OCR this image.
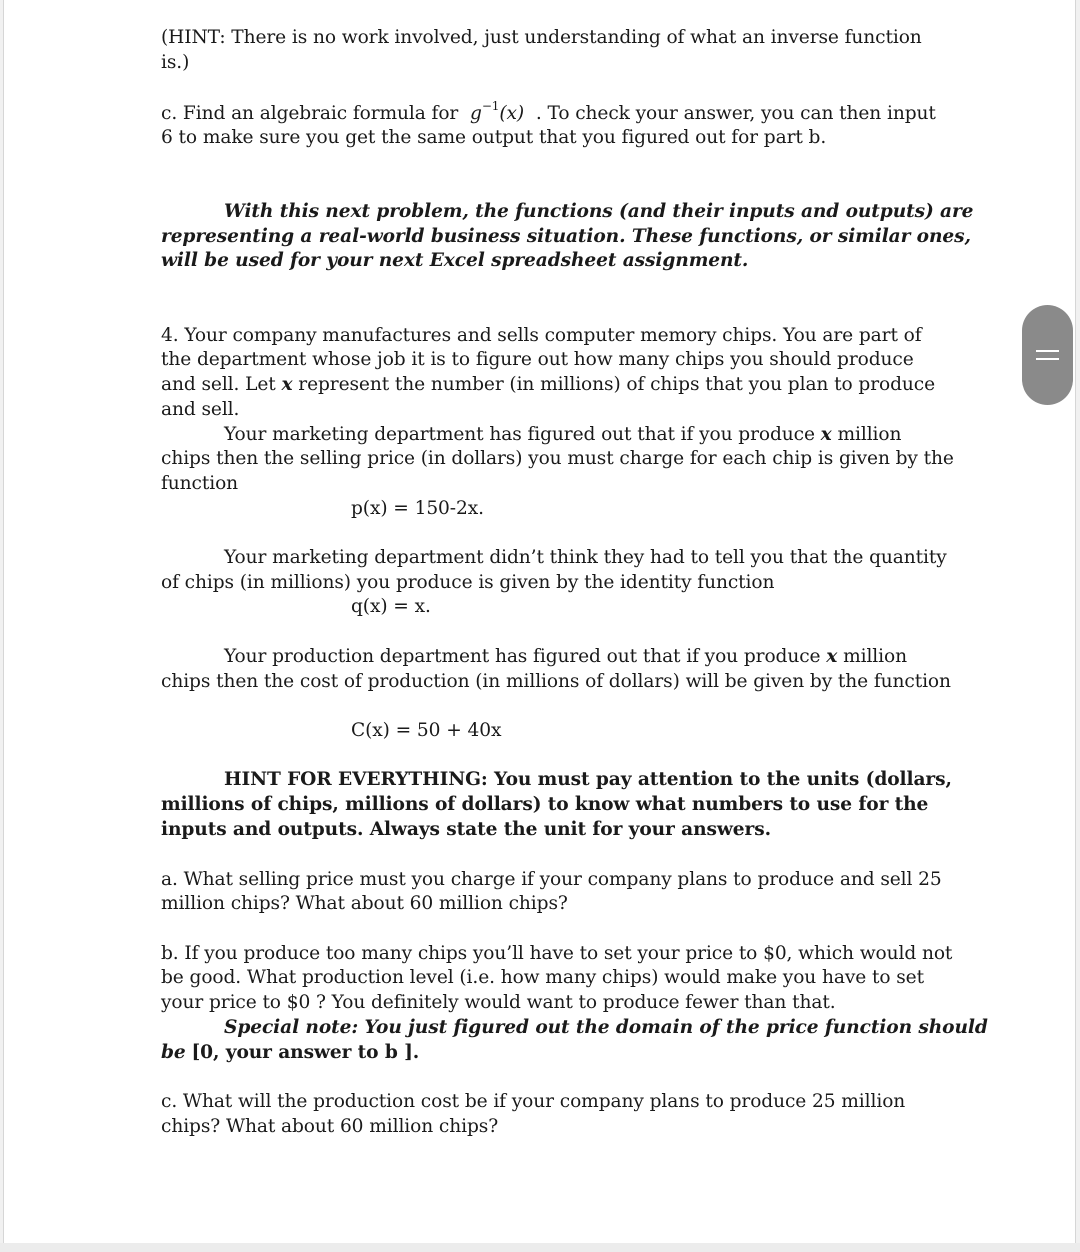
(HINT: There is no work involved, just understanding of what an inverse function
is.)
c. Find an algebraic formula for $g^{-1}(x)$ . To check your answer, you can then input
6 to make sure you get the same output that you figured out for part b.
With this next problem, the functions (and their inputs and outputs) are
representing a real-world business situation. These functions, or similar ones,
will be used for your next Excel spreadsheet assignment.
4. Your company manufactures and sells computer memory chips. You are part of
the department whose job it is to figure out how many chips you should produce
and sell. Let x represent the number (in millions) of chips that you plan to produce
and sell.
Your marketing department has figured out that if you produce x million
chips then the selling price (in dollars) you must charge for each chip is given by the
function
p(x) = 150-2x.
Your marketing department didn’t think they had to tell you that the quantity
of chips (in millions) you produce is given by the identity function
q(x) = x.
Your production department has figured out that if you produce x million
chips then the cost of production (in millions of dollars) will be given by the function
C(x) = 50 + 40x
HINT FOR EVERYTHING: You must pay attention to the units (dollars,
millions of chips, millions of dollars) to know what numbers to use for the
inputs and outputs. Always state the unit for your answers.
a. What selling price must you charge if your company plans to produce and sell 25
million chips? What about 60 million chips?
b. If you produce too many chips you’ll have to set your price to $0, which would not
be good. What production level (i.e. how many chips) would make you have to set
your price to $0 ? You definitely would want to produce fewer than that.
Special note: You just figured out the domain of the price function should
be [0, your answer to b ].
c. What will the production cost be if your company plans to produce 25 million
chips? What about 60 million chips?
